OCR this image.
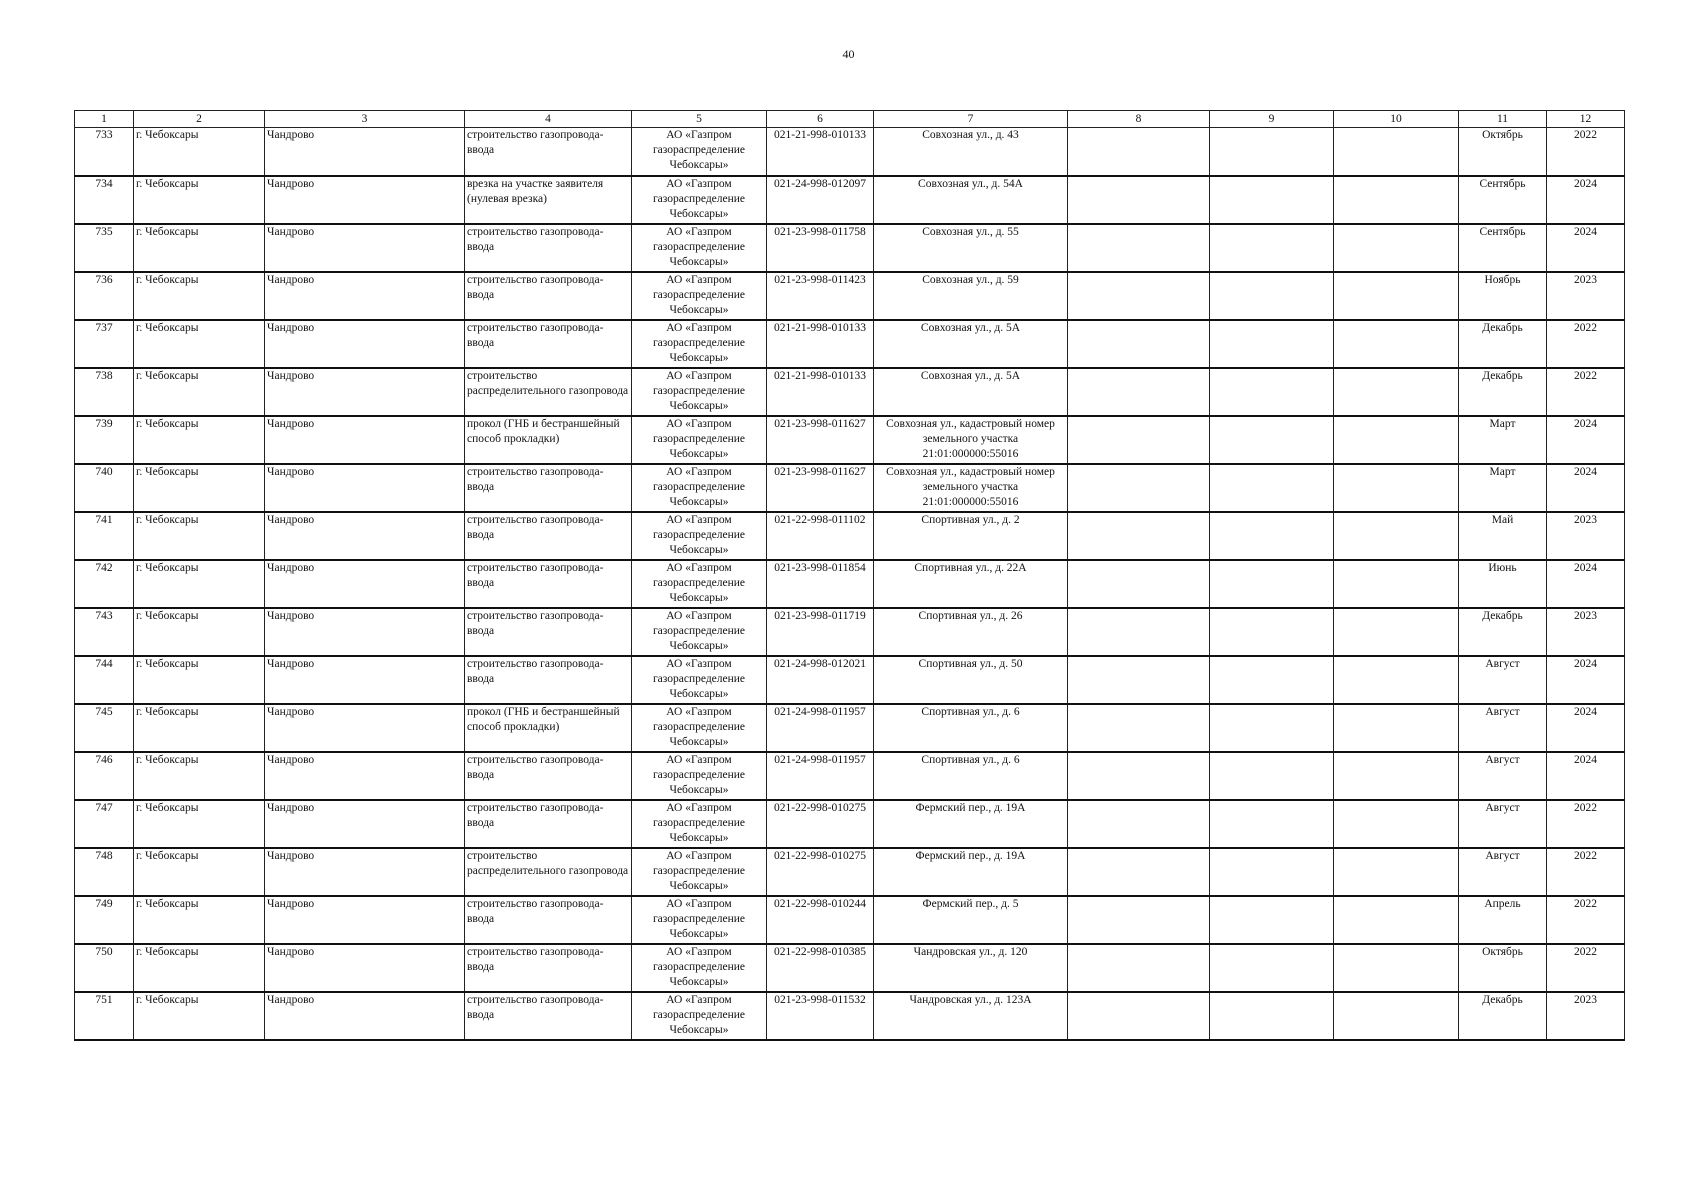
40
1	2	3	4	5	6	7	8	9	10	11	12
733	г. Чебоксары	Чандрово	строительство газопровода-ввода	АО «Газпром газораспределение Чебоксары»	021-21-998-010133	Совхозная ул., д. 43				Октябрь	2022
734	г. Чебоксары	Чандрово	врезка на участке заявителя (нулевая врезка)	АО «Газпром газораспределение Чебоксары»	021-24-998-012097	Совхозная ул., д. 54А				Сентябрь	2024
735	г. Чебоксары	Чандрово	строительство газопровода-ввода	АО «Газпром газораспределение Чебоксары»	021-23-998-011758	Совхозная ул., д. 55				Сентябрь	2024
736	г. Чебоксары	Чандрово	строительство газопровода-ввода	АО «Газпром газораспределение Чебоксары»	021-23-998-011423	Совхозная ул., д. 59				Ноябрь	2023
737	г. Чебоксары	Чандрово	строительство газопровода-ввода	АО «Газпром газораспределение Чебоксары»	021-21-998-010133	Совхозная ул., д. 5А				Декабрь	2022
738	г. Чебоксары	Чандрово	строительство распределительного газопровода	АО «Газпром газораспределение Чебоксары»	021-21-998-010133	Совхозная ул., д. 5А				Декабрь	2022
739	г. Чебоксары	Чандрово	прокол (ГНБ и бестраншейный способ прокладки)	АО «Газпром газораспределение Чебоксары»	021-23-998-011627	Совхозная ул., кадастровый номер земельного участка 21:01:000000:55016				Март	2024
740	г. Чебоксары	Чандрово	строительство газопровода-ввода	АО «Газпром газораспределение Чебоксары»	021-23-998-011627	Совхозная ул., кадастровый номер земельного участка 21:01:000000:55016				Март	2024
741	г. Чебоксары	Чандрово	строительство газопровода-ввода	АО «Газпром газораспределение Чебоксары»	021-22-998-011102	Спортивная ул., д. 2				Май	2023
742	г. Чебоксары	Чандрово	строительство газопровода-ввода	АО «Газпром газораспределение Чебоксары»	021-23-998-011854	Спортивная ул., д. 22А				Июнь	2024
743	г. Чебоксары	Чандрово	строительство газопровода-ввода	АО «Газпром газораспределение Чебоксары»	021-23-998-011719	Спортивная ул., д. 26				Декабрь	2023
744	г. Чебоксары	Чандрово	строительство газопровода-ввода	АО «Газпром газораспределение Чебоксары»	021-24-998-012021	Спортивная ул., д. 50				Август	2024
745	г. Чебоксары	Чандрово	прокол (ГНБ и бестраншейный способ прокладки)	АО «Газпром газораспределение Чебоксары»	021-24-998-011957	Спортивная ул., д. 6				Август	2024
746	г. Чебоксары	Чандрово	строительство газопровода-ввода	АО «Газпром газораспределение Чебоксары»	021-24-998-011957	Спортивная ул., д. 6				Август	2024
747	г. Чебоксары	Чандрово	строительство газопровода-ввода	АО «Газпром газораспределение Чебоксары»	021-22-998-010275	Фермский пер., д. 19А				Август	2022
748	г. Чебоксары	Чандрово	строительство распределительного газопровода	АО «Газпром газораспределение Чебоксары»	021-22-998-010275	Фермский пер., д. 19А				Август	2022
749	г. Чебоксары	Чандрово	строительство газопровода-ввода	АО «Газпром газораспределение Чебоксары»	021-22-998-010244	Фермский пер., д. 5				Апрель	2022
750	г. Чебоксары	Чандрово	строительство газопровода-ввода	АО «Газпром газораспределение Чебоксары»	021-22-998-010385	Чандровская ул., д. 120				Октябрь	2022
751	г. Чебоксары	Чандрово	строительство газопровода-ввода	АО «Газпром газораспределение Чебоксары»	021-23-998-011532	Чандровская ул., д. 123А				Декабрь	2023
